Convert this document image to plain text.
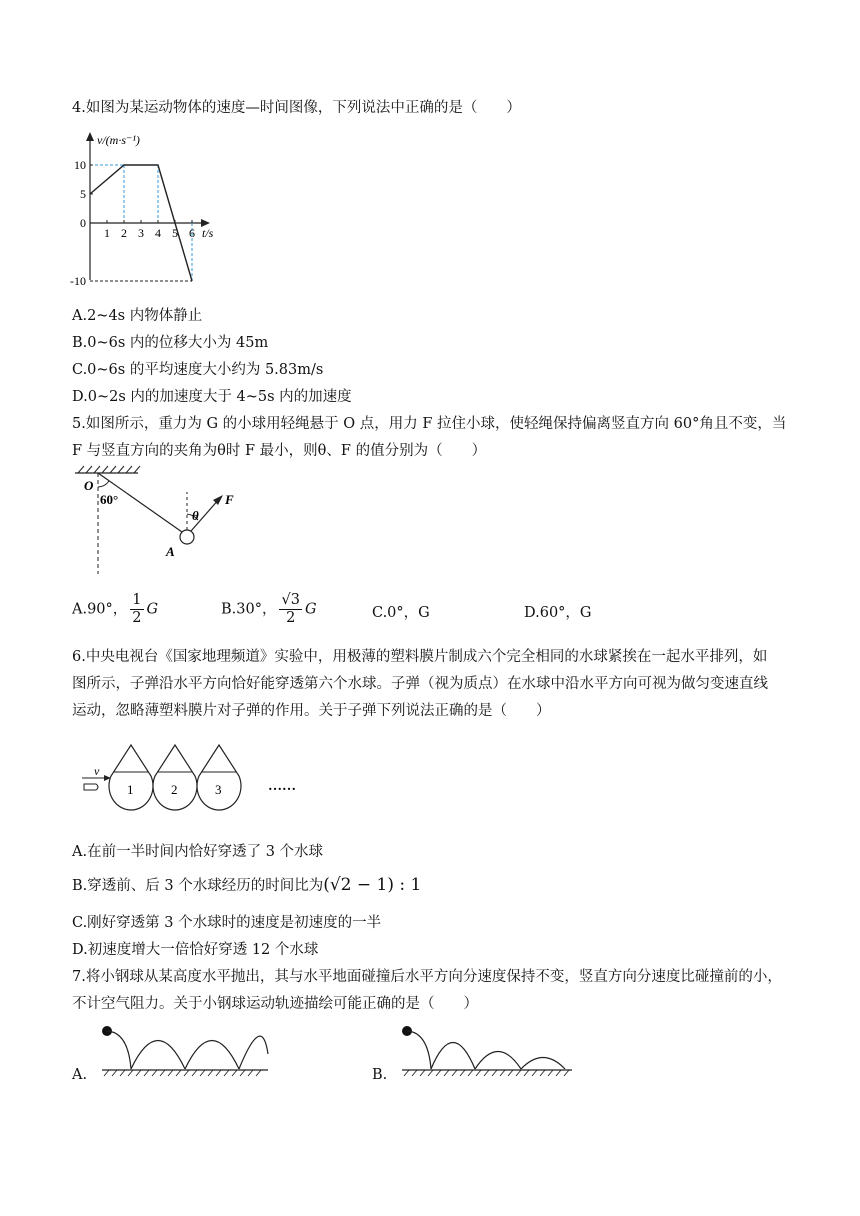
4.如图为某运动物体的速度—时间图像，下列说法中正确的是（　　）
10
5
0
-10
1 2 3 4 5 6
v/(m·s⁻¹)
t/s
A.2~4s 内物体静止
B.0~6s 内的位移大小为 45m
C.0~6s 的平均速度大小约为 5.83m/s
D.0~2s 内的加速度大于 4~5s 内的加速度
5.如图所示，重力为 G 的小球用轻绳悬于 O 点，用力 F 拉住小球，使轻绳保持偏离竖直方向 60°角且不变，当
F 与竖直方向的夹角为θ时 F 最小，则θ、F 的值分别为（　　）
O
60°
A
θ
F
A.90°， $\frac{1}{2}$ G	B.30°， $\frac{√3}{2}$ G	C.0°，G	D.60°，G
6.中央电视台《国家地理频道》实验中，用极薄的塑料膜片制成六个完全相同的水球紧挨在一起水平排列，如
图所示，子弹沿水平方向恰好能穿透第六个水球。子弹（视为质点）在水球中沿水平方向可视为做匀变速直线
运动，忽略薄塑料膜片对子弹的作用。关于子弹下列说法正确的是（　　）
v
1	2	3	……
A.在前一半时间内恰好穿透了 3 个水球
B.穿透前、后 3 个水球经历的时间比为(√2 − 1) : 1
C.刚好穿透第 3 个水球时的速度是初速度的一半
D.初速度增大一倍恰好穿透 12 个水球
7.将小钢球从某高度水平抛出，其与水平地面碰撞后水平方向分速度保持不变，竖直方向分速度比碰撞前的小，
不计空气阻力。关于小钢球运动轨迹描绘可能正确的是（　　）
A.	B.
